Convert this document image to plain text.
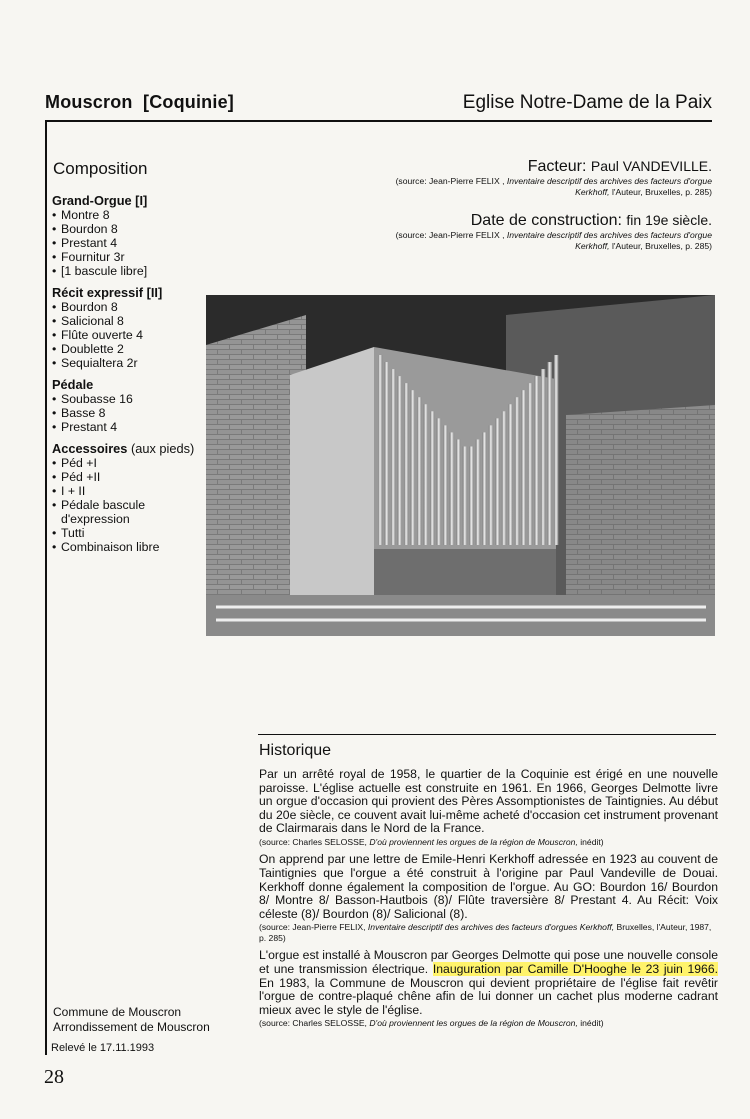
Mouscron  [Coquinie]	Eglise Notre-Dame de la Paix
Composition
Grand-Orgue [I]
• Montre 8
• Bourdon 8
• Prestant 4
• Fournitur 3r
• [1 bascule libre]
Récit expressif [II]
• Bourdon 8
• Salicional 8
• Flûte ouverte 4
• Doublette 2
• Sequialtera 2r
Pédale
• Soubasse 16
• Basse 8
• Prestant 4
Accessoires (aux pieds)
• Péd +I
• Péd +II
• I + II
• Pédale bascule d'expression
• Tutti
• Combinaison libre
Facteur: Paul VANDEVILLE.
(source: Jean-Pierre FELIX , Inventaire descriptif des archives des facteurs d'orgue Kerkhoff, l'Auteur, Bruxelles, p. 285)
Date de construction: fin 19e siècle.
(source: Jean-Pierre FELIX , Inventaire descriptif des archives des facteurs d'orgue Kerkhoff, l'Auteur, Bruxelles, p. 285)
Historique

Par un arrêté royal de 1958, le quartier de la Coquinie est érigé en une nouvelle paroisse. L'église actuelle est construite en 1961. En 1966, Georges Delmotte livre un orgue d'occasion qui provient des Pères Assomptionistes de Taintignies. Au début du 20e siècle, ce couvent avait lui-même acheté d'occasion cet instrument provenant de Clairmarais dans le Nord de la France.

(source: Charles SELOSSE, D'où proviennent les orgues de la région de Mouscron, inédit)

On apprend par une lettre de Emile-Henri Kerkhoff adressée en 1923 au couvent de Taintignies que l'orgue a été construit à l'origine par Paul Vandeville de Douai. Kerkhoff donne également la composition de l'orgue. Au GO: Bourdon 16/ Bourdon 8/ Montre 8/ Basson-Hautbois (8)/ Flûte traversière 8/ Prestant 4. Au Récit: Voix céleste (8)/ Bourdon (8)/ Salicional (8).

(source: Jean-Pierre FELIX, Inventaire descriptif des archives des facteurs d'orgues Kerkhoff, Bruxelles, l'Auteur, 1987, p. 285)

L'orgue est installé à Mouscron par Georges Delmotte qui pose une nouvelle console et une transmission électrique. Inauguration par Camille D'Hooghe le 23 juin 1966. En 1983, la Commune de Mouscron qui devient propriétaire de l'église fait revêtir l'orgue de contre-plaqué chêne afin de lui donner un cachet plus moderne cadrant mieux avec le style de l'église.

(source: Charles SELOSSE, D'où proviennent les orgues de la région de Mouscron, inédit)
Commune de Mouscron
Arrondissement de Mouscron
Relevé le 17.11.1993
28
